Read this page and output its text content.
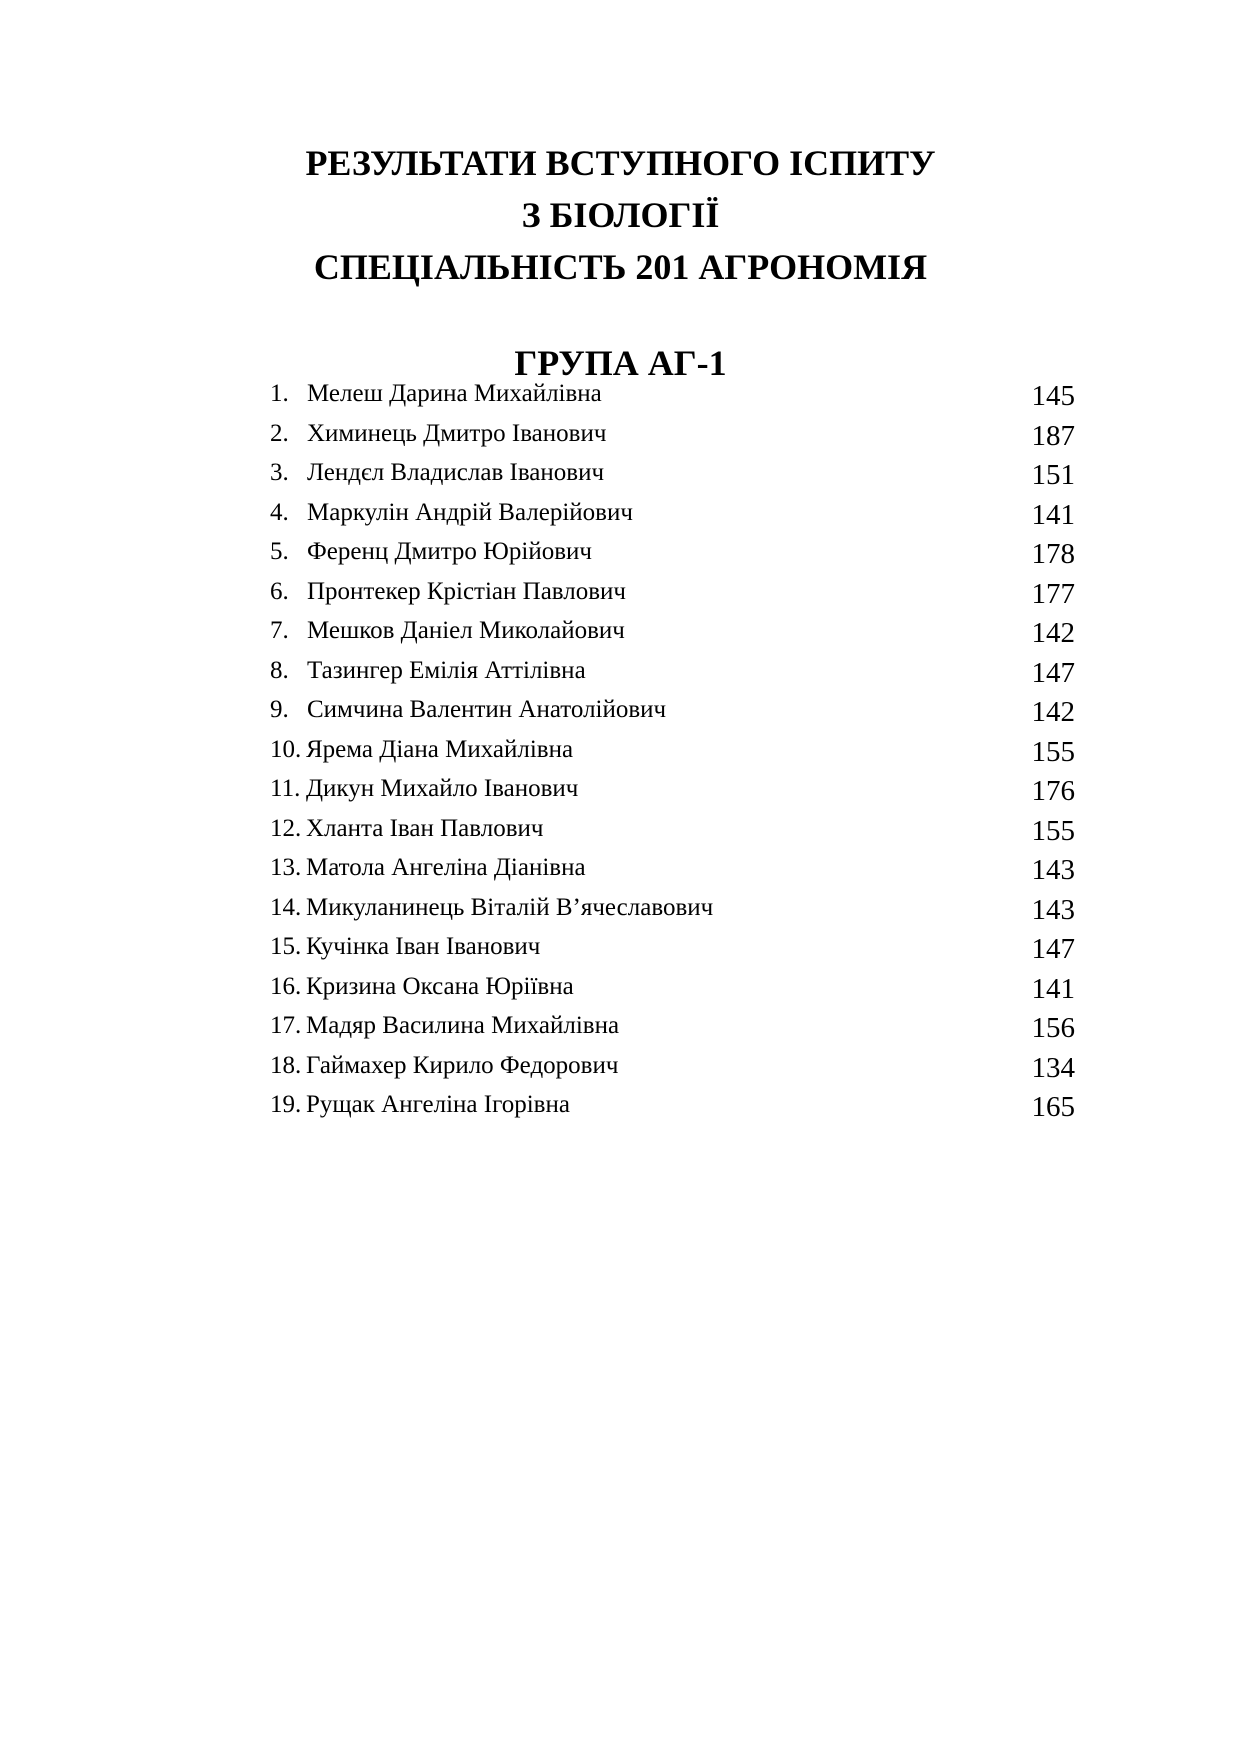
РЕЗУЛЬТАТИ ВСТУПНОГО ІСПИТУ
З БІОЛОГІЇ
СПЕЦІАЛЬНІСТЬ 201 АГРОНОМІЯ
ГРУПА АГ-1
1. Мелеш Дарина Михайлівна	145
2. Химинець Дмитро Іванович	187
3. Лендєл Владислав Іванович	151
4. Маркулін Андрій Валерійович	141
5. Ференц Дмитро Юрійович	178
6. Пронтекер Крістіан Павлович	177
7. Мешков Даніел Миколайович	142
8. Тазингер Емілія Аттілівна	147
9. Симчина Валентин Анатолійович	142
10. Ярема Діана Михайлівна	155
11. Дикун Михайло Іванович	176
12. Хланта Іван Павлович	155
13. Матола Ангеліна Діанівна	143
14. Микуланинець Віталій В’ячеславович	143
15. Кучінка Іван Іванович	147
16. Кризина Оксана Юріївна	141
17. Мадяр Василина Михайлівна	156
18. Гаймахер Кирило Федорович	134
19. Рущак Ангеліна Ігорівна	165
